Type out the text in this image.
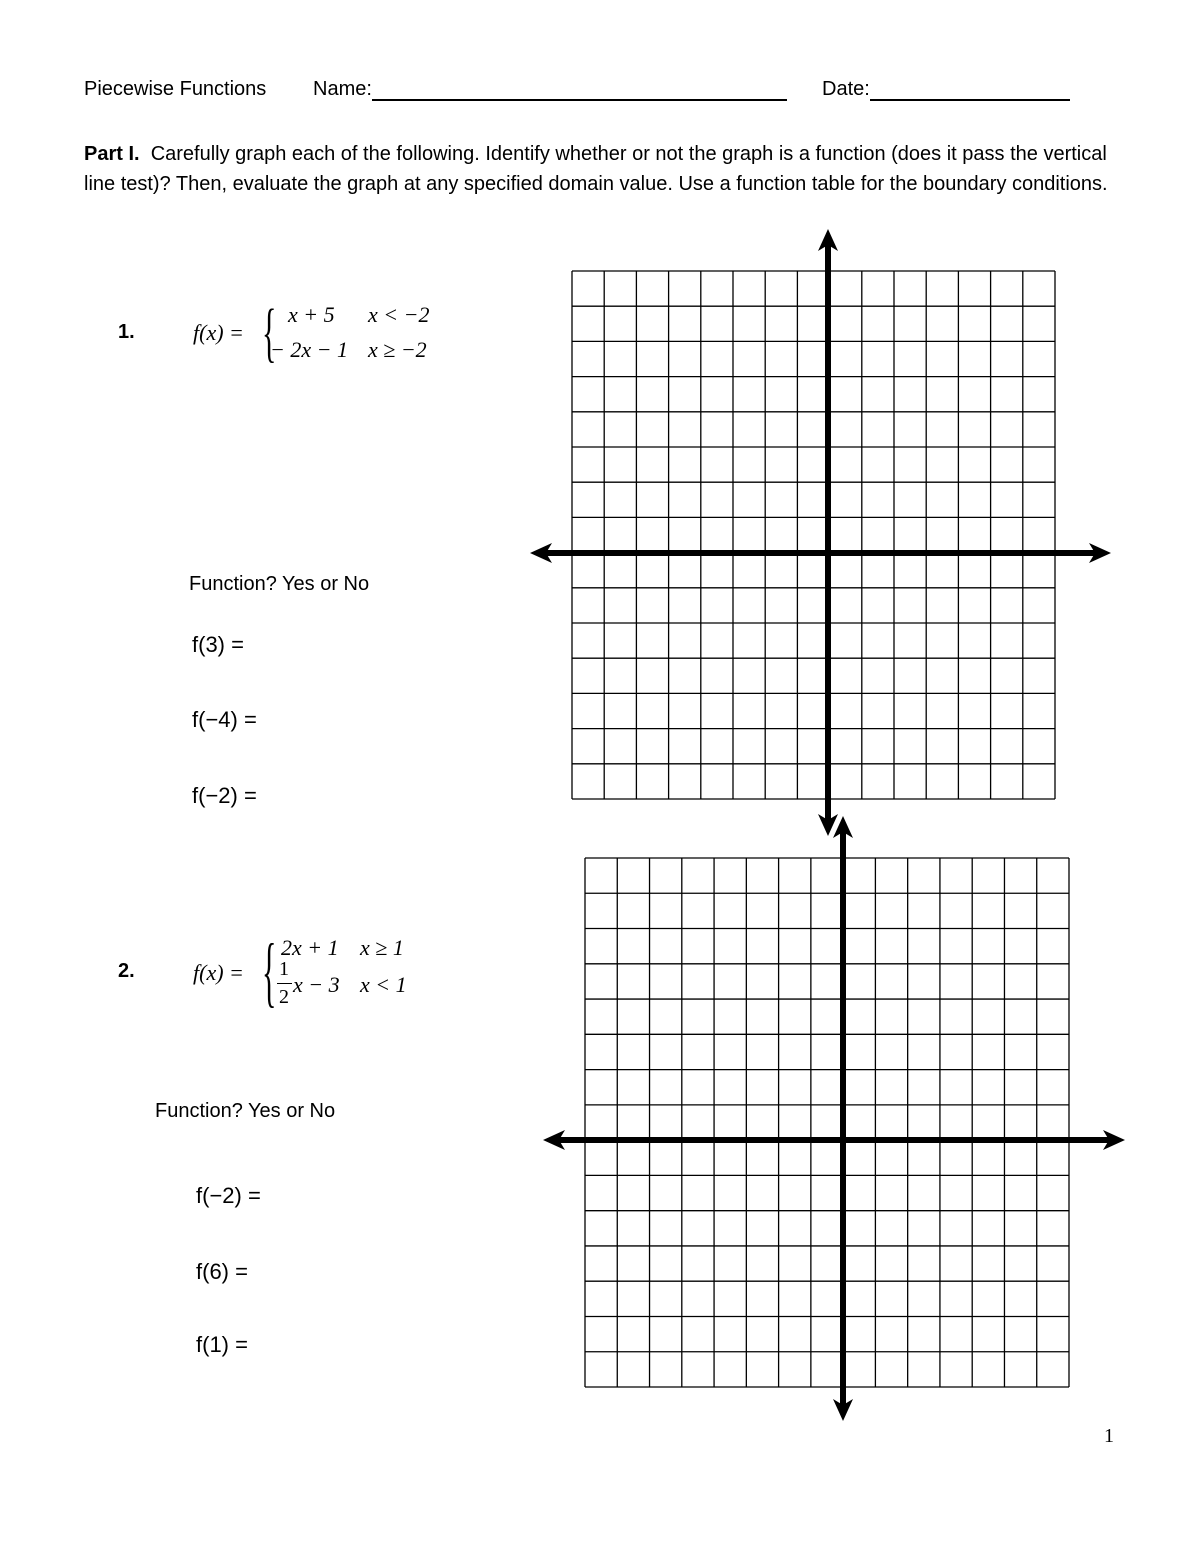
Piecewise Functions Name:	Date:
Part I. Carefully graph each of the following. Identify whether or not the graph is a function (does it pass the vertical line test)? Then, evaluate the graph at any specified domain value. Use a function table for the boundary conditions.
1.	f(x) = { x + 5 x < −2
− 2x − 1 x ≥ −2
Function? Yes or No
f(3) =
f(−4) =
f(−2) =
2.	f(x) = { 2x + 1 x ≥ 1
1
2 x − 3 x < 1
Function? Yes or No
f(−2) =
f(6) =
f(1) =
1
